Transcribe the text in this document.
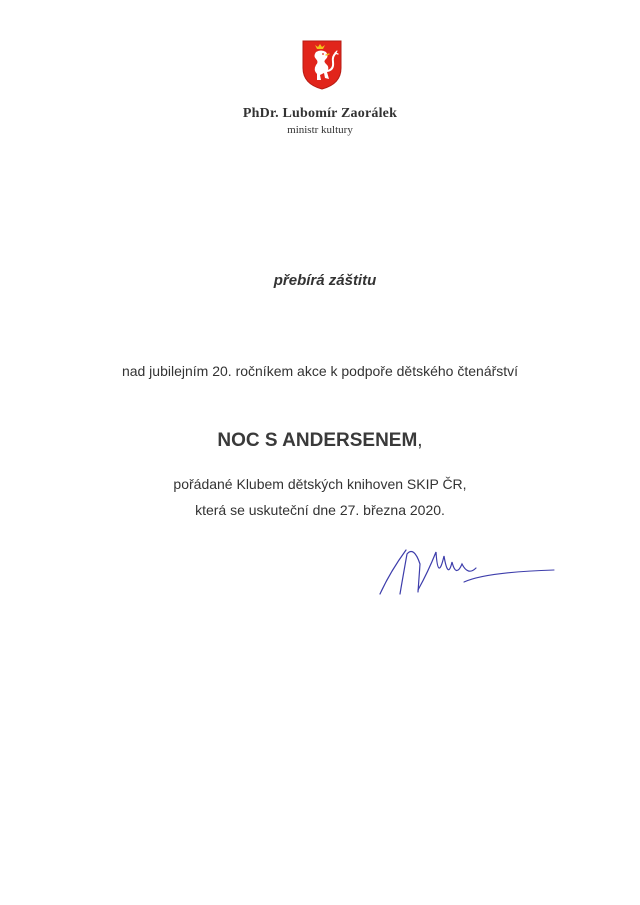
PhDr. Lubomír Zaorálek
ministr kultury
přebírá záštitu
nad jubilejním 20. ročníkem akce k podpoře dětského čtenářství
NOC S ANDERSENEM,
pořádané Klubem dětských knihoven SKIP ČR,
která se uskuteční dne 27. března 2020.
